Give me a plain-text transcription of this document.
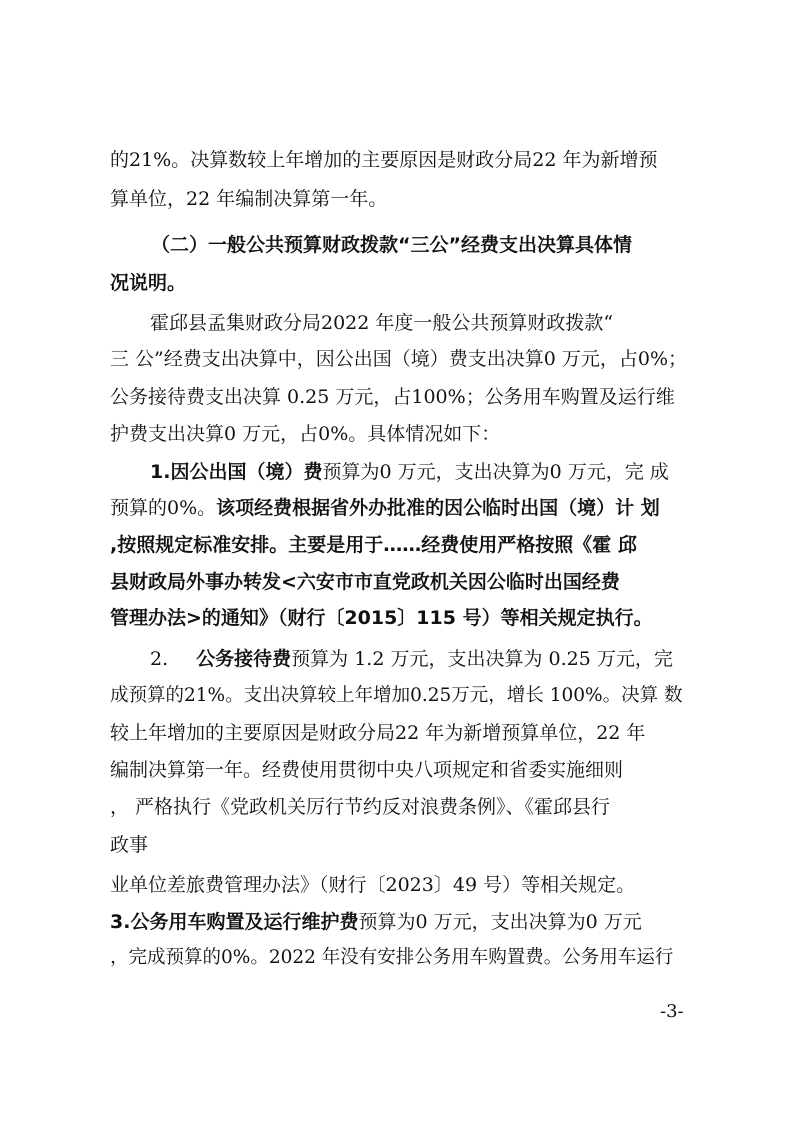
的21%。决算数较上年增加的主要原因是财政分局22 年为新增预
算单位，22 年编制决算第一年。
（二）一般公共预算财政拨款“三公”经费支出决算具体情
况说明。
霍邱县孟集财政分局2022 年度一般公共预算财政拨款“
三 公”经费支出决算中，因公出国（境）费支出决算0 万元，占0%；
公务接待费支出决算 0.25 万元，占100%；公务用车购置及运行维
护费支出决算0 万元，占0%。具体情况如下：
1.因公出国（境）费预算为0 万元，支出决算为0 万元，完 成
预算的0%。该项经费根据省外办批准的因公临时出国（境）计 划
,按照规定标准安排。主要是用于……经费使用严格按照《霍 邱
县财政局外事办转发<六安市市直党政机关因公临时出国经费
管理办法>的通知》（财行〔2015〕115 号）等相关规定执行。
2. 公务接待费预算为 1.2 万元，支出决算为 0.25 万元，完
成预算的21%。支出决算较上年增加0.25万元，增长 100%。决算 数
较上年增加的主要原因是财政分局22 年为新增预算单位，22 年
编制决算第一年。经费使用贯彻中央八项规定和省委实施细则
， 严格执行《党政机关厉行节约反对浪费条例》、《霍邱县行
政事
业单位差旅费管理办法》（财行〔2023〕49 号）等相关规定。
3.公务用车购置及运行维护费预算为0 万元，支出决算为0 万元
，完成预算的0%。2022 年没有安排公务用车购置费。公务用车运行
-3-
